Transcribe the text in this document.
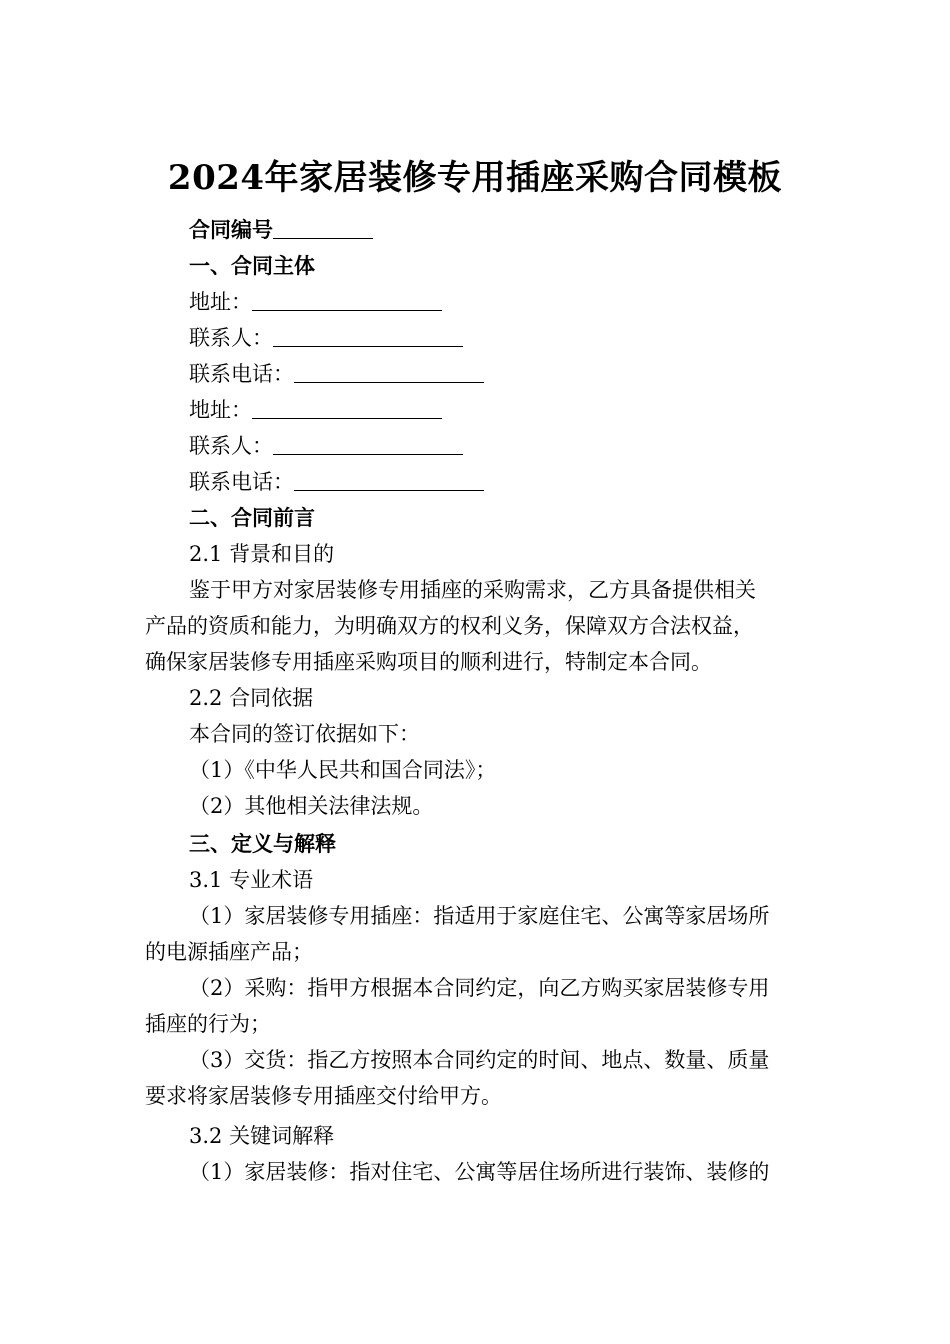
2024年家居装修专用插座采购合同模板
合同编号
一、合同主体
地址：
联系人：
联系电话：
地址：
联系人：
联系电话：
二、合同前言
2.1 背景和目的
鉴于甲方对家居装修专用插座的采购需求，乙方具备提供相关
产品的资质和能力，为明确双方的权利义务，保障双方合法权益，
确保家居装修专用插座采购项目的顺利进行，特制定本合同。
2.2 合同依据
本合同的签订依据如下：
（1）《中华人民共和国合同法》；
（2）其他相关法律法规。
三、定义与解释
3.1 专业术语
（1）家居装修专用插座：指适用于家庭住宅、公寓等家居场所
的电源插座产品；
（2）采购：指甲方根据本合同约定，向乙方购买家居装修专用
插座的行为；
（3）交货：指乙方按照本合同约定的时间、地点、数量、质量
要求将家居装修专用插座交付给甲方。
3.2 关键词解释
（1）家居装修：指对住宅、公寓等居住场所进行装饰、装修的
